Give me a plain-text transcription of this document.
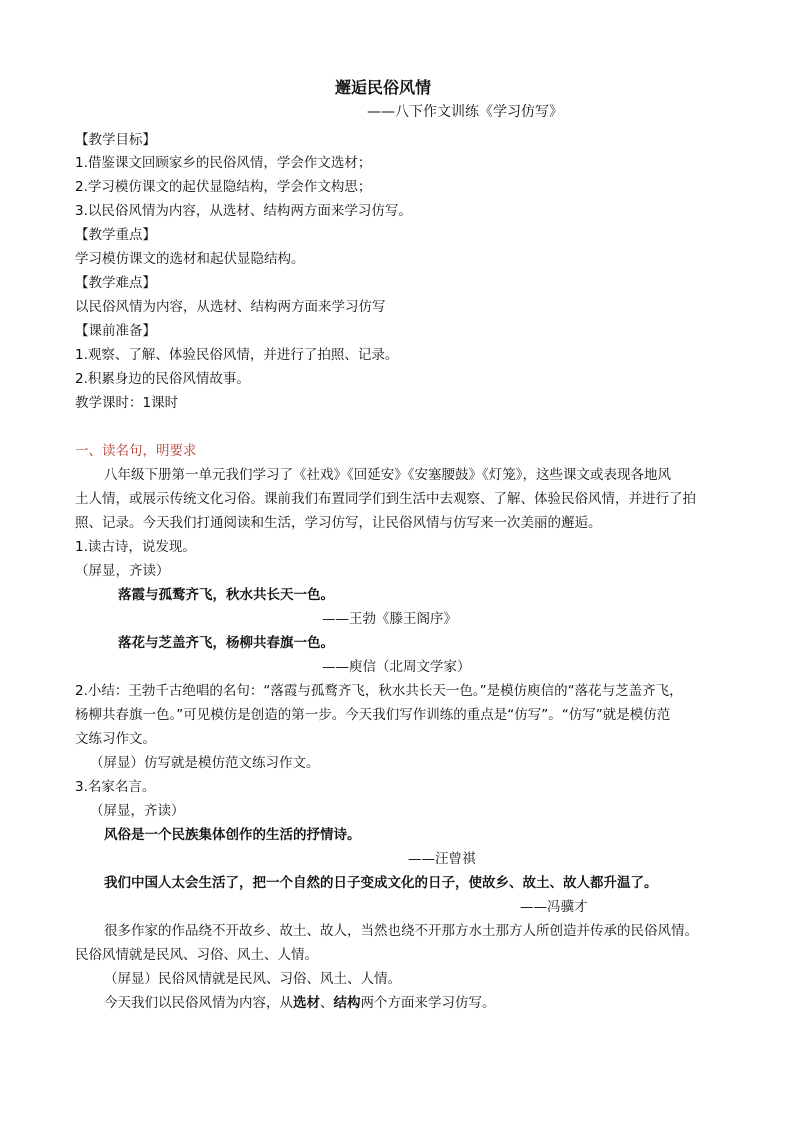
邂逅民俗风情
——八下作文训练《学习仿写》
【教学目标】
1.借鉴课文回顾家乡的民俗风情，学会作文选材；
2.学习模仿课文的起伏显隐结构，学会作文构思；
3.以民俗风情为内容，从选材、结构两方面来学习仿写。
【教学重点】
学习模仿课文的选材和起伏显隐结构。
【教学难点】
以民俗风情为内容，从选材、结构两方面来学习仿写
【课前准备】
1.观察、了解、体验民俗风情，并进行了拍照、记录。
2.积累身边的民俗风情故事。
教学课时：1课时
一、读名句，明要求
八年级下册第一单元我们学习了《社戏》《回延安》《安塞腰鼓》《灯笼》，这些课文或表现各地风
土人情，或展示传统文化习俗。课前我们布置同学们到生活中去观察、了解、体验民俗风情，并进行了拍
照、记录。今天我们打通阅读和生活，学习仿写，让民俗风情与仿写来一次美丽的邂逅。
1.读古诗，说发现。
（屏显，齐读）
落霞与孤鹜齐飞，秋水共长天一色。
——王勃《滕王阁序》
落花与芝盖齐飞，杨柳共春旗一色。
——庾信（北周文学家）
2.小结：王勃千古绝唱的名句：“落霞与孤鹜齐飞，秋水共长天一色。”是模仿庾信的“落花与芝盖齐飞，
杨柳共春旗一色。”可见模仿是创造的第一步。今天我们写作训练的重点是“仿写”。“仿写”就是模仿范
文练习作文。
（屏显）仿写就是模仿范文练习作文。
3.名家名言。
（屏显，齐读）
风俗是一个民族集体创作的生活的抒情诗。
——汪曾祺
我们中国人太会生活了，把一个自然的日子变成文化的日子，使故乡、故土、故人都升温了。
——冯骥才
很多作家的作品绕不开故乡、故土、故人，当然也绕不开那方水土那方人所创造并传承的民俗风情。
民俗风情就是民风、习俗、风土、人情。
（屏显）民俗风情就是民风、习俗、风土、人情。
今天我们以民俗风情为内容，从选材、结构两个方面来学习仿写。
